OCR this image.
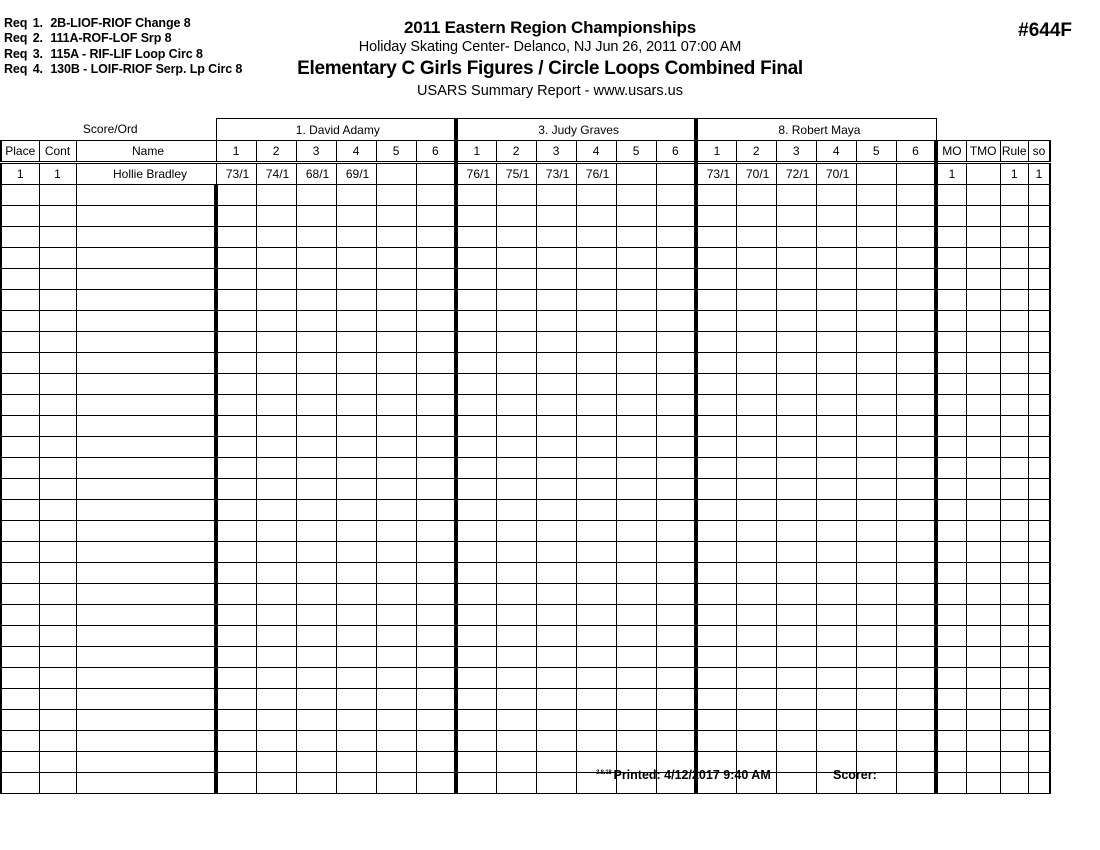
Req 1. 2B-LIOF-RIOF Change 8
Req 2. 111A-ROF-LOF Srp 8
Req 3. 115A - RIF-LIF Loop Circ 8
Req 4. 130B - LOIF-RIOF Serp. Lp Circ 8
2011 Eastern Region Championships
Holiday Skating Center- Delanco, NJ Jun 26, 2011 07:00 AM
Elementary C Girls Figures / Circle Loops Combined Final
USARS Summary Report - www.usars.us
#644F
Score/Ord			1. David Adamy						3. Judy Graves						8. Robert Maya									
Place	Cont	Name	1	2	3	4	5	6	1	2	3	4	5	6	1	2	3	4	5	6	MO	TMO	Rule	so
1	1	Hollie Bradley	73/1	74/1	68/1	69/1			76/1	75/1	73/1	76/1			73/1	70/1	72/1	70/1			1		1	1

$^{3.8.18}$ Printed: 4/12/2017 9:40 AM	Scorer:
